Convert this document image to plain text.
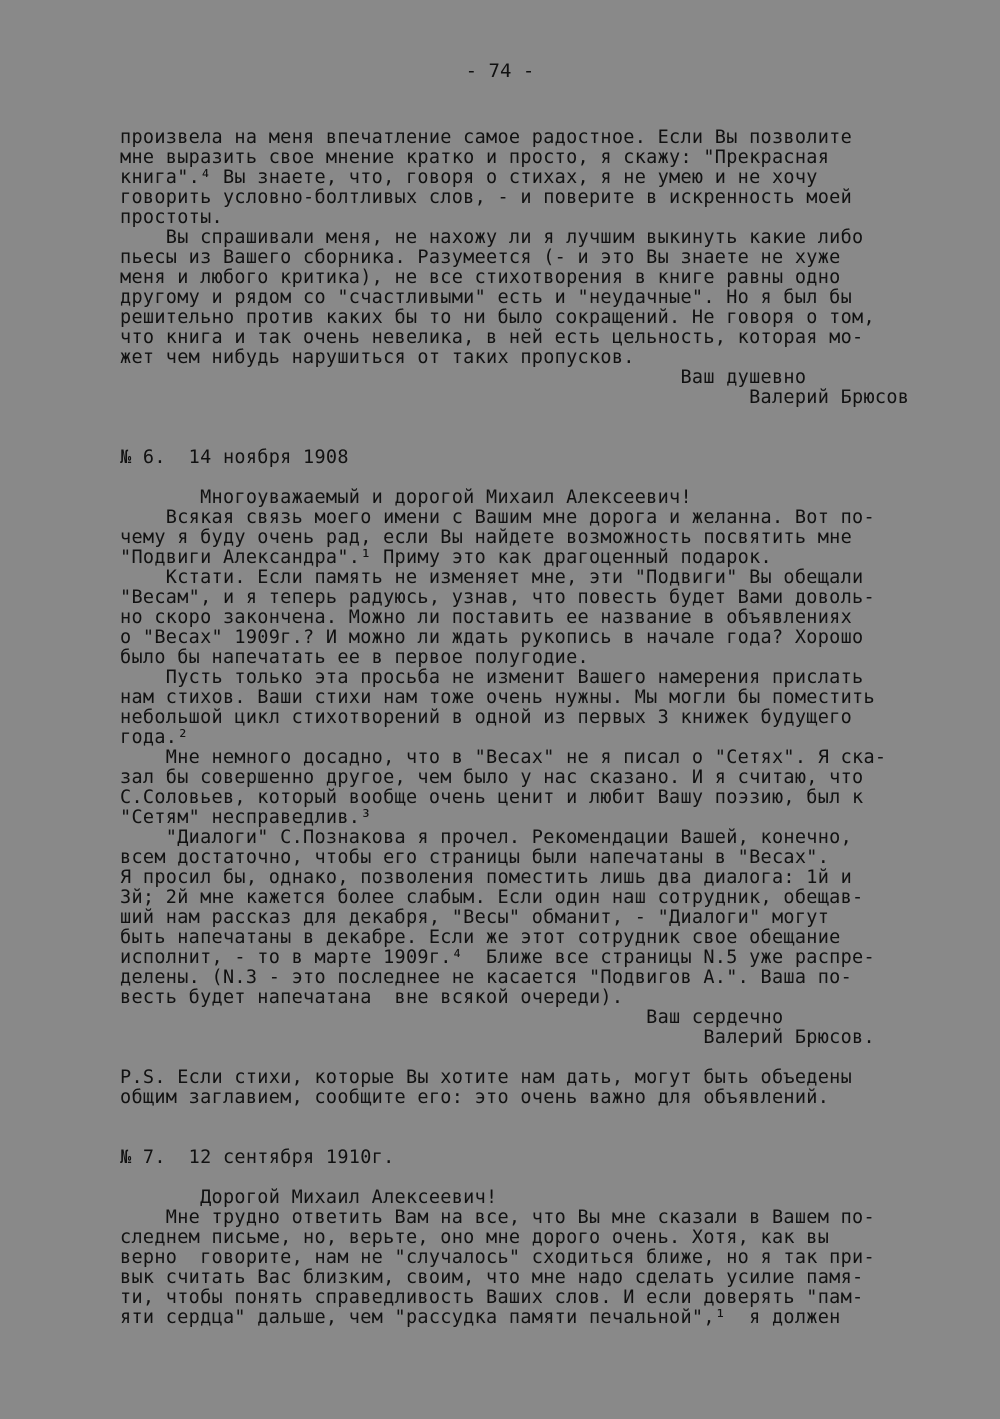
- 74 -
произвела на меня впечатление самое радостное. Если Вы позволите
мне выразить свое мнение кратко и просто, я скажу: "Прекрасная
книга".⁴ Вы знаете, что, говоря о стихах, я не умею и не хочу
говорить условно-болтливых слов, - и поверите в искренность моей
простоты.
Вы спрашивали меня, не нахожу ли я лучшим выкинуть какие либо
пьесы из Вашего сборника. Разумеется (- и это Вы знаете не хуже
меня и любого критика), не все стихотворения в книге равны одно
другому и рядом со "счастливыми" есть и "неудачные". Но я был бы
решительно против каких бы то ни было сокращений. Не говоря о том,
что книга и так очень невелика, в ней есть цельность, которая мо-
жет чем нибудь нарушиться от таких пропусков.
Ваш душевно
Валерий Брюсов
№ 6.  14 ноября 1908
Многоуважаемый и дорогой Михаил Алексеевич!
Всякая связь моего имени с Вашим мне дорога и желанна. Вот по-
чему я буду очень рад, если Вы найдете возможность посвятить мне
"Подвиги Александра".¹ Приму это как драгоценный подарок.
Кстати. Если память не изменяет мне, эти "Подвиги" Вы обещали
"Весам", и я теперь радуюсь, узнав, что повесть будет Вами доволь-
но скоро закончена. Можно ли поставить ее название в объявлениях
о "Весах" 1909г.? И можно ли ждать рукопись в начале года? Хорошо
было бы напечатать ее в первое полугодие.
Пусть только эта просьба не изменит Вашего намерения прислать
нам стихов. Ваши стихи нам тоже очень нужны. Мы могли бы поместить
небольшой цикл стихотворений в одной из первых 3 книжек будущего
года.²
Мне немного досадно, что в "Весах" не я писал о "Сетях". Я ска-
зал бы совершенно другое, чем было у нас сказано. И я считаю, что
С.Соловьев, который вообще очень ценит и любит Вашу поэзию, был к
"Сетям" несправедлив.³
"Диалоги" С.Познакова я прочел. Рекомендации Вашей, конечно,
всем достаточно, чтобы его страницы были напечатаны в "Весах".
Я просил бы, однако, позволения поместить лишь два диалога: 1й и
3й; 2й мне кажется более слабым. Если один наш сотрудник, обещав-
ший нам рассказ для декабря, "Весы" обманит, - "Диалоги" могут
быть напечатаны в декабре. Если же этот сотрудник свое обещание
исполнит, - то в марте 1909г.⁴  Ближе все страницы N.5 уже распре-
делены. (N.3 - это последнее не касается "Подвигов А.". Ваша по-
весть будет напечатана  вне всякой очереди).
Ваш сердечно
Валерий Брюсов.
P.S. Если стихи, которые Вы хотите нам дать, могут быть объедены
общим заглавием, сообщите его: это очень важно для объявлений.
№ 7.  12 сентября 1910г.
Дорогой Михаил Алексеевич!
Мне трудно ответить Вам на все, что Вы мне сказали в Вашем по-
следнем письме, но, верьте, оно мне дорого очень. Хотя, как вы
верно  говорите, нам не "случалось" сходиться ближе, но я так при-
вык считать Вас близким, своим, что мне надо сделать усилие памя-
ти, чтобы понять справедливость Ваших слов. И если доверять "пам-
яти сердца" дальше, чем "рассудка памяти печальной",¹  я должен
